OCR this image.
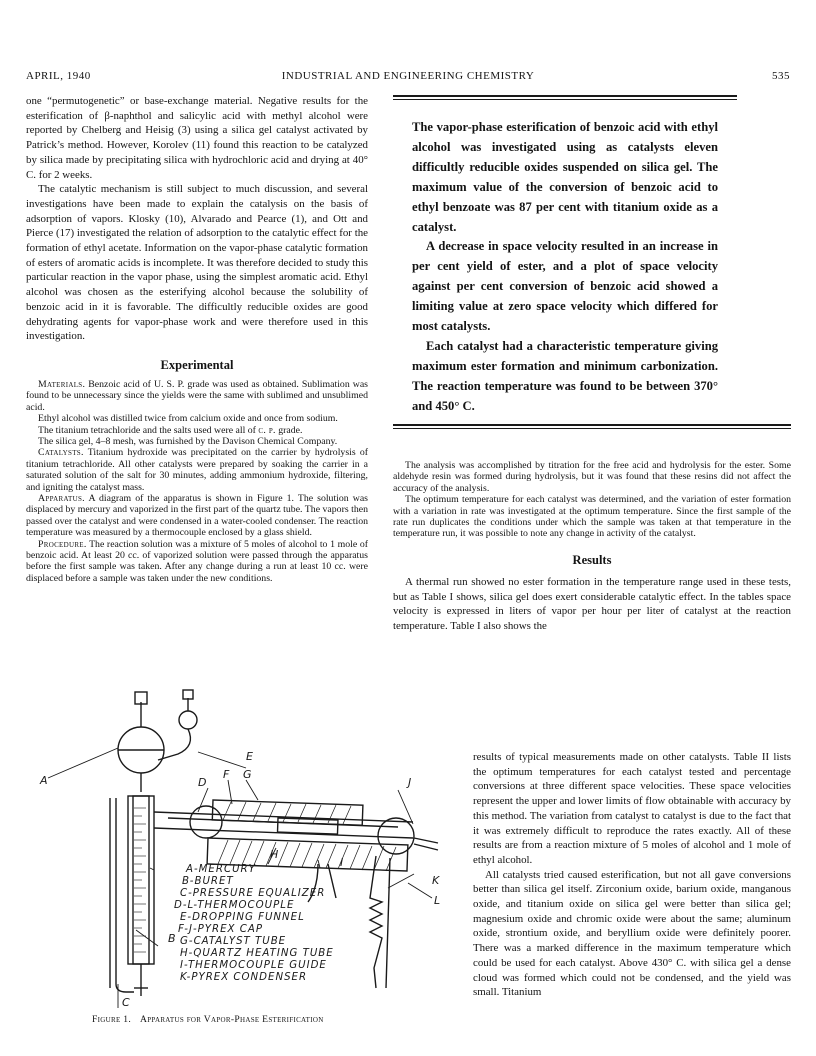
APRIL, 1940	INDUSTRIAL AND ENGINEERING CHEMISTRY	535

one “permutogenetic” or base-exchange material. Negative results for the esterification of β-naphthol and salicylic acid with methyl alcohol were reported by Chelberg and Heisig (3) using a silica gel catalyst activated by Patrick’s method. However, Korolev (11) found this reaction to be catalyzed by silica made by precipitating silica with hydrochloric acid and drying at 40° C. for 2 weeks.

The catalytic mechanism is still subject to much discussion, and several investigations have been made to explain the catalysis on the basis of adsorption of vapors. Klosky (10), Alvarado and Pearce (1), and Ott and Pierce (17) investigated the relation of adsorption to the catalytic effect for the formation of ethyl acetate. Information on the vapor-phase catalytic formation of esters of aromatic acids is incomplete. It was therefore decided to study this particular reaction in the vapor phase, using the simplest aromatic acid. Ethyl alcohol was chosen as the esterifying alcohol because the solubility of benzoic acid in it is favorable. The difficultly reducible oxides are good dehydrating agents for vapor-phase work and were therefore used in this investigation.

Experimental

Materials. Benzoic acid of U. S. P. grade was used as obtained. Sublimation was found to be unnecessary since the yields were the same with sublimed and unsublimed acid.

Ethyl alcohol was distilled twice from calcium oxide and once from sodium.

The titanium tetrachloride and the salts used were all of c. p. grade.

The silica gel, 4–8 mesh, was furnished by the Davison Chemical Company.

Catalysts. Titanium hydroxide was precipitated on the carrier by hydrolysis of titanium tetrachloride. All other catalysts were prepared by soaking the carrier in a saturated solution of the salt for 30 minutes, adding ammonium hydroxide, filtering, and igniting the catalyst mass.

Apparatus. A diagram of the apparatus is shown in Figure 1. The solution was displaced by mercury and vaporized in the first part of the quartz tube. The vapors then passed over the catalyst and were condensed in a water-cooled condenser. The reaction temperature was measured by a thermocouple enclosed by a glass shield.

Procedure. The reaction solution was a mixture of 5 moles of alcohol to 1 mole of benzoic acid. At least 20 cc. of vaporized solution were passed through the apparatus before the first sample was taken. After any change during a run at least 10 cc. were displaced before a sample was taken under the new conditions.

The vapor-phase esterification of benzoic acid with ethyl alcohol was investigated using as catalysts eleven difficultly reducible oxides suspended on silica gel. The maximum value of the conversion of benzoic acid to ethyl benzoate was 87 per cent with titanium oxide as a catalyst.

A decrease in space velocity resulted in an increase in per cent yield of ester, and a plot of space velocity against per cent conversion of benzoic acid showed a limiting value at zero space velocity which differed for most catalysts.

Each catalyst had a characteristic temperature giving maximum ester formation and minimum carbonization. The reaction temperature was found to be between 370° and 450° C.

The analysis was accomplished by titration for the free acid and hydrolysis for the ester. Some aldehyde resin was formed during hydrolysis, but it was found that these resins did not affect the accuracy of the analysis.

The optimum temperature for each catalyst was determined, and the variation of ester formation with a variation in rate was investigated at the optimum temperature. Since the first sample of the rate run duplicates the conditions under which the sample was taken at that temperature in the temperature run, it was possible to note any change in activity of the catalyst.

Results

A thermal run showed no ester formation in the temperature range used in these tests, but as Table I shows, silica gel does exert considerable catalytic effect. In the tables space velocity is expressed in liters of vapor per hour per liter of catalyst at the reaction temperature. Table I also shows the

results of typical measurements made on other catalysts. Table II lists the optimum temperatures for each catalyst tested and percentage conversions at three different space velocities. These space velocities represent the upper and lower limits of flow obtainable with accuracy by this method. The variation from catalyst to catalyst is due to the fact that it was extremely difficult to reproduce the rates exactly. All of these results are from a reaction mixture of 5 moles of alcohol and 1 mole of ethyl alcohol.

All catalysts tried caused esterification, but not all gave conversions better than silica gel itself. Zirconium oxide, barium oxide, manganous oxide, and titanium oxide on silica gel were better than silica gel; magnesium oxide and chromic oxide were about the same; aluminum oxide, strontium oxide, and beryllium oxide were definitely poorer. There was a marked difference in the maximum temperature which could be used for each catalyst. Above 430° C. with silica gel a dense cloud was formed which could not be condensed, and the yield was small. Titanium

A
B
C
D
E
F G
H
I
J
K
L
A-MERCURY
B-BURET
C-PRESSURE EQUALIZER
D-L-THERMOCOUPLE
E-DROPPING FUNNEL
F-J-PYREX CAP
G-CATALYST TUBE
H-QUARTZ HEATING TUBE
I-THERMOCOUPLE GUIDE
K-PYREX CONDENSER
Figure 1. Apparatus for Vapor-Phase Esterification
